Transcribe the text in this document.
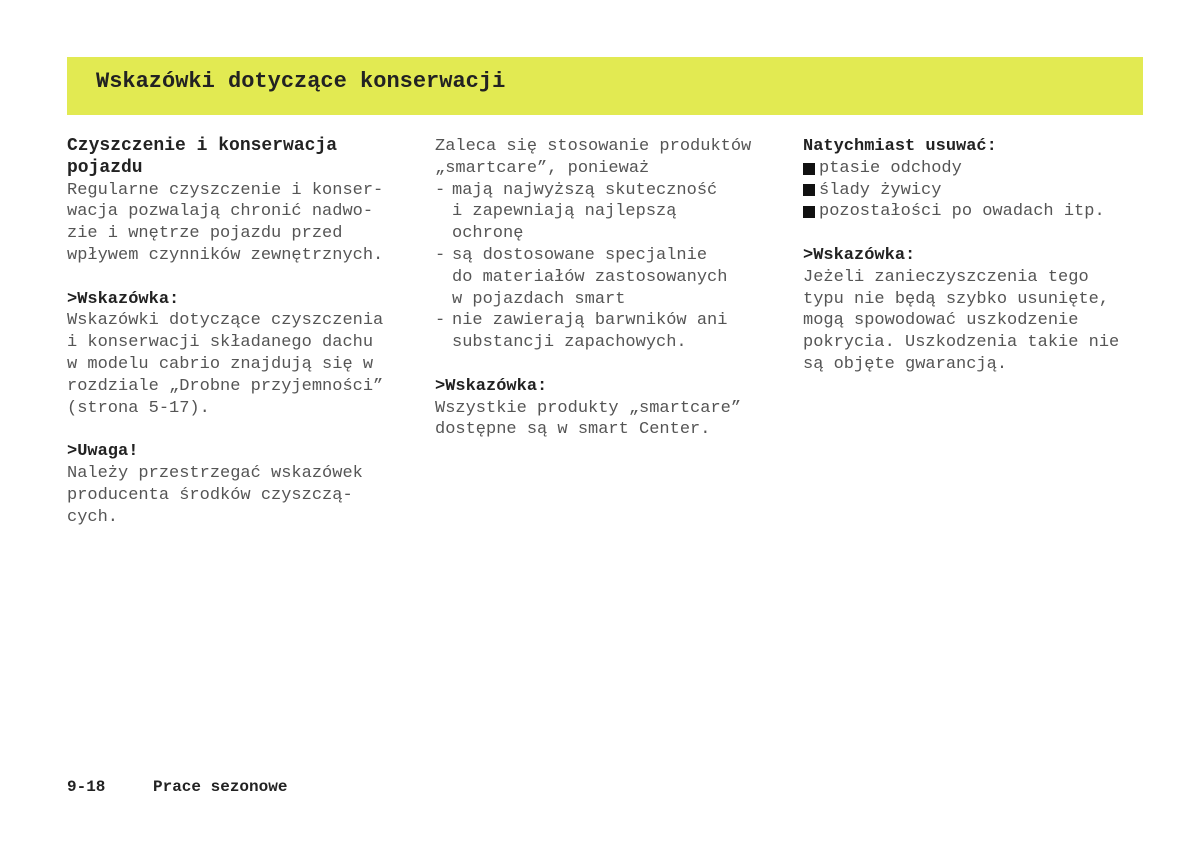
Wskazówki dotyczące konserwacji
Czyszczenie i konserwacja
pojazdu
Regularne czyszczenie i konser-
wacja pozwalają chronić nadwo-
zie i wnętrze pojazdu przed
wpływem czynników zewnętrznych.
>Wskazówka:
Wskazówki dotyczące czyszczenia
i konserwacji składanego dachu
w modelu cabrio znajdują się w
rozdziale „Drobne przyjemności”
(strona 5-17).
>Uwaga!
Należy przestrzegać wskazówek
producenta środków czyszczą-
cych.
Zaleca się stosowanie produktów
„smartcare”, ponieważ
- mają najwyższą skuteczność
i zapewniają najlepszą
ochronę
- są dostosowane specjalnie
do materiałów zastosowanych
w pojazdach smart
- nie zawierają barwników ani
substancji zapachowych.
>Wskazówka:
Wszystkie produkty „smartcare”
dostępne są w smart Center.
Natychmiast usuwać:
ptasie odchody
ślady żywicy
pozostałości po owadach itp.
>Wskazówka:
Jeżeli zanieczyszczenia tego
typu nie będą szybko usunięte,
mogą spowodować uszkodzenie
pokrycia. Uszkodzenia takie nie
są objęte gwarancją.
9-18	Prace sezonowe
